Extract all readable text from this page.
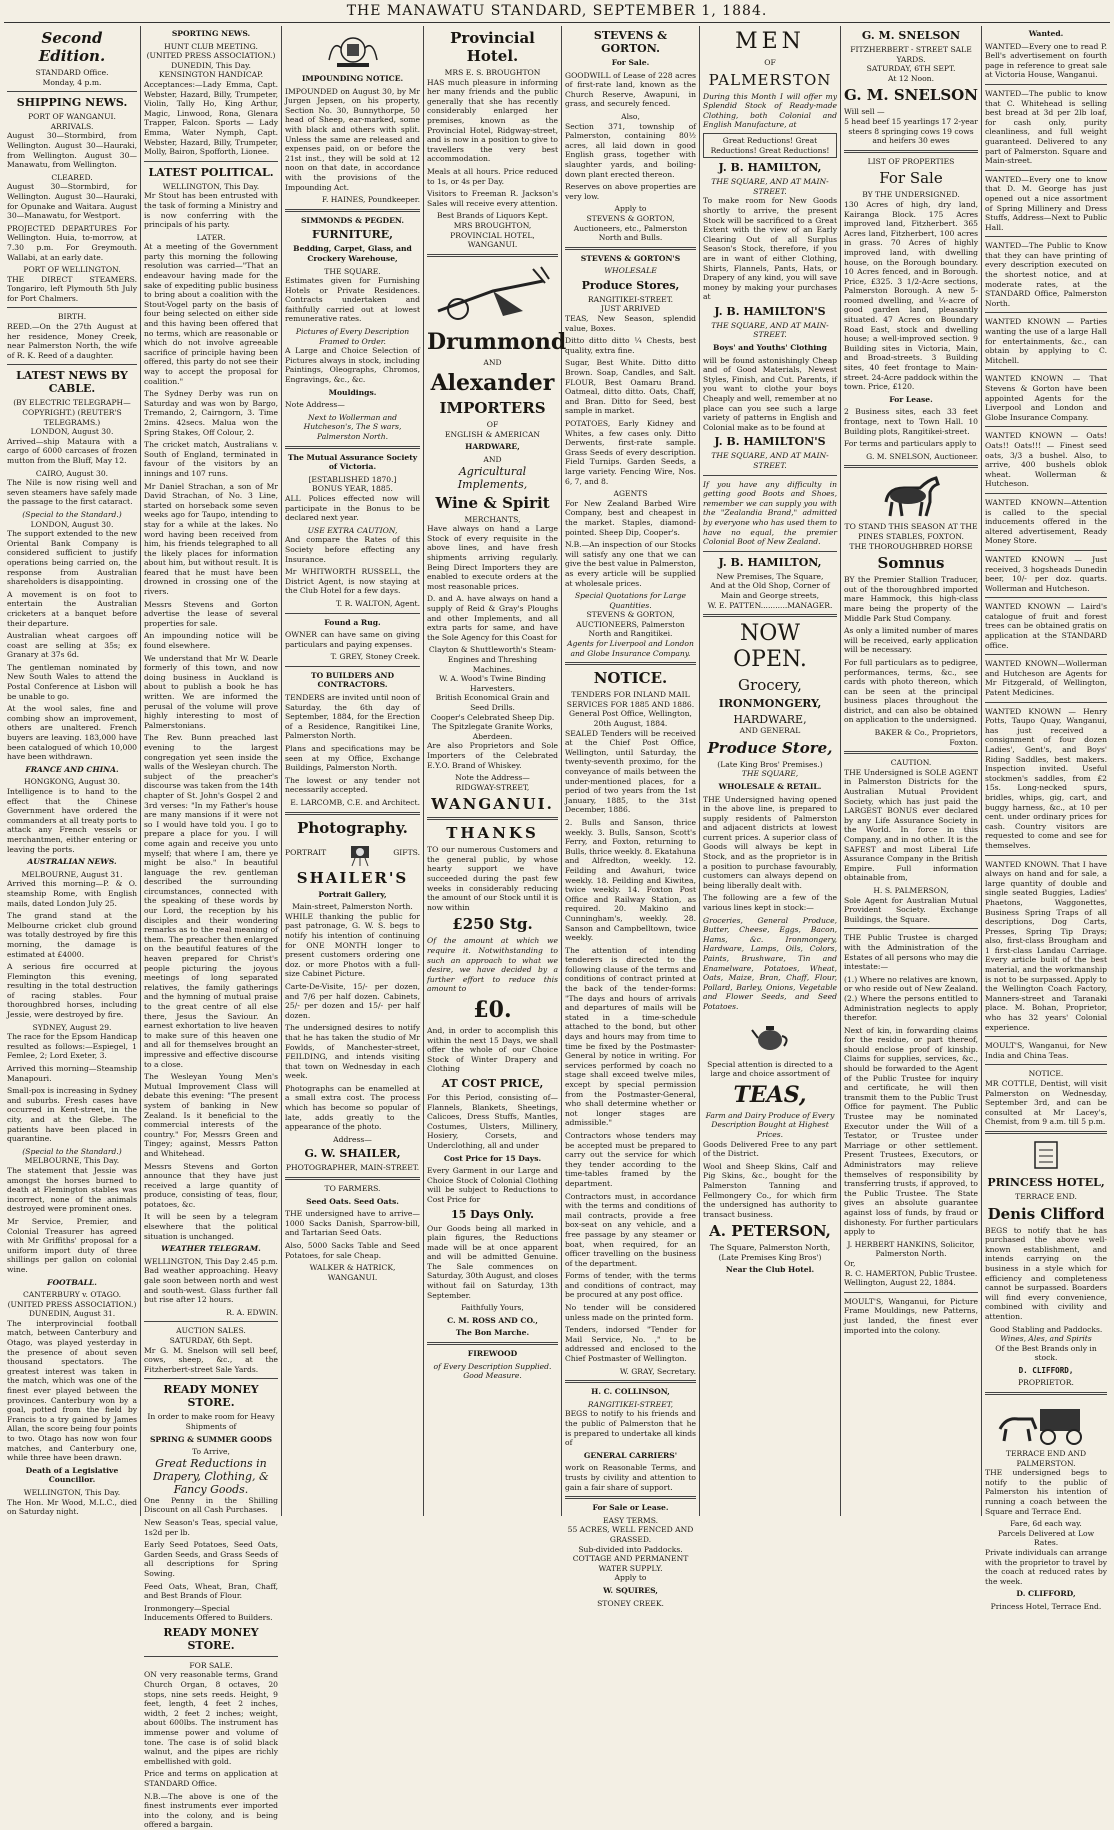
THE MANAWATU STANDARD, SEPTEMBER 1, 1884.
Second Edition.
STANDARD Office.
Monday, 4 p.m.
SHIPPING NEWS.
PORT OF WANGANUI.
ARRIVALS.

August 30—Stormbird, from Wellington. August 30—Hauraki, from Wellington. August 30—Manawatu, from Wellington.

CLEARED.

August 30—Stormbird, for Wellington. August 30—Hauraki, for Opunake and Waitara. August 30—Manawatu, for Westport.

PROJECTED DEPARTURES For Wellington. Huia, to-morrow, at 7.30 p.m. For Greymouth. Wallabi, at an early date.

PORT OF WELLINGTON.

THE DIRECT STEAMERS. Tongariro, left Plymouth 5th July for Port Chalmers.

BIRTH.

REED.—On the 27th August at her residence, Money Creek, near Palmerston North, the wife of R. K. Reed of a daughter.

LATEST NEWS BY CABLE.
(BY ELECTRIC TELEGRAPH—COPYRIGHT.) (REUTER'S TELEGRAMS.)
LONDON, August 30.

Arrived—ship Mataura with a cargo of 6000 carcases of frozen mutton from the Bluff, May 12.

CAIRO, August 30.

The Nile is now rising well and seven steamers have safely made the passage to the first cataract.

(Special to the Standard.)
LONDON, August 30.

The support extended to the new Oriental Bank Company is considered sufficient to justify operations being carried on, the response from Australian shareholders is disappointing.

A movement is on foot to entertain the Australian cricketers at a banquet before their departure.

Australian wheat cargoes off coast are selling at 35s; ex Granary at 37s 6d.

The gentleman nominated by New South Wales to attend the Postal Conference at Lisbon will be unable to go.

At the wool sales, fine and combing show an improvement, others are unaltered. French buyers are leaving. 183,000 have been catalogued of which 10,000 have been withdrawn.

FRANCE AND CHINA.
HONGKONG, August 30.

Intelligence is to hand to the effect that the Chinese Government have ordered the commanders at all treaty ports to attack any French vessels or merchantmen, either entering or leaving the ports.

AUSTRALIAN NEWS.
MELBOURNE, August 31.

Arrived this morning—P. & O. steamship Rome, with English mails, dated London July 25.

The grand stand at the Melbourne cricket club ground was totally destroyed by fire this morning, the damage is estimated at £4000.

A serious fire occurred at Flemington this evening, resulting in the total destruction of racing stables. Four thoroughbred horses, including Jessie, were destroyed by fire.

SYDNEY, August 29.

The race for the Epsom Handicap resulted as follows:—Espiegel, 1 Femlee, 2; Lord Exeter, 3.

Arrived this morning—Steamship Manapouri.

Small-pox is increasing in Sydney and suburbs. Fresh cases have occurred in Kent-street, in the city, and at the Glebe. The patients have been placed in quarantine.

(Special to the Standard.)
MELBOURNE, This Day.

The statement that Jessie was amongst the horses burned to death at Flemington stables was incorrect, none of the animals destroyed were prominent ones.

Mr Service, Premier, and Colonial Treasurer has agreed with Mr Griffiths' proposal for a uniform import duty of three shillings per gallon on colonial wine.

FOOTBALL.
CANTERBURY v. OTAGO.
(UNITED PRESS ASSOCIATION.)
DUNEDIN, August 31.

The interprovincial football match, between Canterbury and Otago, was played yesterday in the presence of about seven thousand spectators. The greatest interest was taken in the match, which was one of the finest ever played between the provinces. Canterbury won by a goal, potted from the field by Francis to a try gained by James Allan, the score being four points to two. Otago has now won four matches, and Canterbury one, while three have been drawn.

Death of a Legislative Councillor.
WELLINGTON, This Day.

The Hon. Mr Wood, M.L.C., died on Saturday night.

SPORTING NEWS.
HUNT CLUB MEETING.
(UNITED PRESS ASSOCIATION.)
DUNEDIN, This Day.
KENSINGTON HANDICAP.

Acceptances:—Lady Emma, Capt. Webster, Hazard, Billy, Trumpeter, Violin, Tally Ho, King Arthur, Magic, Linwood, Rona, Glenara Trapper, Falcon. Sports — Lady Emma, Water Nymph, Capt. Webster, Hazard, Billy, Trumpeter, Molly, Bairon, Spofforth, Lionee.

LATEST POLITICAL.
WELLINGTON, This Day.

Mr Stout has been entrusted with the task of forming a Ministry and is now conferring with the principals of his party.

LATER.

At a meeting of the Government party this morning the following resolution was carried—"That an endeavour having made for the sake of expediting public business to bring about a coalition with the Stout-Vogel party on the basis of four being selected on either side and this having been offered that no terms, which are reasonable or which do not involve agreeable sacrifice of principle having been offered, this party do not see their way to accept the proposal for coalition."

The Sydney Derby was run on Saturday and was won by Bargo, Tremando, 2, Cairngorn, 3. Time 2mins. 42secs. Malua won the Spring Stakes, Off Colour, 2.

The cricket match, Australians v. South of England, terminated in favour of the visitors by an innings and 107 runs.

Mr Daniel Strachan, a son of Mr David Strachan, of No. 3 Line, started on horseback some seven weeks ago for Taupo, intending to stay for a while at the lakes. No word having been received from him, his friends telegraphed to all the likely places for information about him, but without result. It is feared that he must have been drowned in crossing one of the rivers.

Messrs Stevens and Gorton advertise the lease of several properties for sale.

An impounding notice will be found elsewhere.

We understand that Mr W. Dearle formerly of this town, and now doing business in Auckland is about to publish a book he has written. We are informed the perusal of the volume will prove highly interesting to most of Palmerstonians.

The Rev. Bunn preached last evening to the largest congregation yet seen inside the walls of the Wesleyan church. The subject of the preacher's discourse was taken from the 14th chapter of St. John's Gospel 2 and 3rd verses: "In my Father's house are many mansions if it were not so I would have told you. I go to prepare a place for you. I will come again and receive you unto myself; that where I am, there ye might be also." In beautiful language the rev. gentleman described the surrounding circumstances, connected with the speaking of these words by our Lord, the reception by his disciples and their wondering remarks as to the real meaning of them. The preacher then enlarged on the beautiful features of the heaven prepared for Christ's people picturing the joyous meetings of long separated relatives, the family gatherings and the hymning of mutual praise to the great centre of all else there, Jesus the Saviour. An earnest exhortation to live heaven to make sure of this heaven one and all for themselves brought an impressive and effective discourse to a close.

The Wesleyan Young Men's Mutual Improvement Class will debate this evening: "The present system of banking in New Zealand. Is it beneficial to the commercial interests of the country." For, Messrs Green and Tingey; against, Messrs Patton and Whitehead.

Messrs Stevens and Gorton announce that they have just received a large quantity of produce, consisting of teas, flour, potatoes, &c.

It will be seen by a telegram elsewhere that the political situation is unchanged.

WEATHER TELEGRAM.
WELLINGTON, This Day 2.45 p.m.

Bad weather approaching. Heavy gale soon between north and west and south-west. Glass further fall but rise after 12 hours.

R. A. EDWIN.
AUCTION SALES.
SATURDAY, 6th Sept.

Mr G. M. Snelson will sell beef, cows, sheep, &c., at the Fitzherbert-street Sale Yards.

READY MONEY STORE.
In order to make room for Heavy Shipments of
SPRING & SUMMER GOODS
To Arrive,
Great Reductions in Drapery, Clothing, & Fancy Goods.

One Penny in the Shilling Discount on all Cash Purchases.

New Season's Teas, special value, 1s2d per lb.

Early Seed Potatoes, Seed Oats, Garden Seeds, and Grass Seeds of all descriptions for Spring Sowing.

Feed Oats, Wheat, Bran, Chaff, and Best Brands of Flour.

Ironmongery—Special Inducements Offered to Builders.

READY MONEY STORE.
FOR SALE.

ON very reasonable terms, Grand Church Organ, 8 octaves, 20 stops, nine sets reeds. Height, 9 feet, length, 4 feet 2 inches, width, 2 feet 2 inches; weight, about 600lbs. The instrument has immense power and volume of tone. The case is of solid black walnut, and the pipes are richly embellished with gold.

Price and terms on application at STANDARD Office.

N.B.—The above is one of the finest instruments ever imported into the colony, and is being offered a bargain.

IMPOUNDING NOTICE.

IMPOUNDED on August 30, by Mr Jurgen Jepsen, on his property, Section No. 30, Bunnythorpe, 50 head of Sheep, ear-marked, some with black and others with split. Unless the same are released and expenses paid, on or before the 21st inst., they will be sold at 12 noon on that date, in accordance with the provisions of the Impounding Act.

F. HAINES, Poundkeeper.
SIMMONDS & PEGDEN.
FURNITURE,
Bedding, Carpet, Glass, and Crockery Warehouse,
THE SQUARE.

Estimates given for Furnishing Hotels or Private Residences. Contracts undertaken and faithfully carried out at lowest remunerative rates.

Pictures of Every Description Framed to Order.

A Large and Choice Selection of Pictures always in stock, including Paintings, Oleographs, Chromos, Engravings, &c., &c.

Mouldings.

Note Address—

Next to Wollerman and Hutcheson's, The S wars, Palmerston North.
The Mutual Assurance Society of Victoria.
[ESTABLISHED 1870.]
BONUS YEAR, 1885.

ALL Polices effected now will participate in the Bonus to be declared next year.

USE EXTRA CAUTION,

And compare the Rates of this Society before effecting any Insurance.

Mr WHITWORTH RUSSELL, the District Agent, is now staying at the Club Hotel for a few days.

T. R. WALTON, Agent.
Found a Rug.

OWNER can have same on giving particulars and paying expenses.

T. GREY, Stoney Creek.
TO BUILDERS AND CONTRACTORS.

TENDERS are invited until noon of Saturday, the 6th day of September, 1884, for the Erection of a Residence, Rangitikei Line, Palmerston North.

Plans and specifications may be seen at my Office, Exchange Buildings, Palmerston North.

The lowest or any tender not necessarily accepted.

E. LARCOMB, C.E. and Architect.
Photography.
PORTRAIT	GIFTS.
SHAILER'S
Portrait Gallery,
Main-street, Palmerston North.

WHILE thanking the public for past patronage, G. W. S. begs to notify his intention of continuing for ONE MONTH longer to present customers ordering one doz. or more Photos with a full-size Cabinet Picture.

Carte-De-Visite, 15/- per dozen, and 7/6 per half dozen. Cabinets, 25/- per dozen and 15/- per half dozen.

The undersigned desires to notify that he has taken the studio of Mr Fowlds, of Manchester-street, FEILDING, and intends visiting that town on Wednesday in each week.

Photographs can be enamelled at a small extra cost. The process which has become so popular of late, adds greatly to the appearance of the photo.

Address—
G. W. SHAILER,
PHOTOGRAPHER, MAIN-STREET.
TO FARMERS.
Seed Oats. Seed Oats.

THE undersigned have to arrive—1000 Sacks Danish, Sparrow-bill, and Tartarian Seed Oats.

Also, 5000 Sacks Table and Seed Potatoes, for sale Cheap.

WALKER & HATRICK, WANGANUI.
Provincial Hotel.
MRS E. S. BROUGHTON

HAS much pleasure in informing her many friends and the public generally that she has recently considerably enlarged her premises, known as the Provincial Hotel, Ridgway-street, and is now in a position to give to travellers the very best accommodation.

Meals at all hours. Price reduced to 1s, or 4s per Day.

Visitors to Freeman R. Jackson's Sales will receive every attention.

Best Brands of Liquors Kept.
MRS BROUGHTON, PROVINCIAL HOTEL, WANGANUI.
Drummond
AND
Alexander
IMPORTERS
OF
ENGLISH & AMERICAN
HARDWARE,
AND
Agricultural Implements,
Wine & Spirit
MERCHANTS,

Have always on hand a Large Stock of every requisite in the above lines, and have fresh shipments arriving regularly. Being Direct Importers they are enabled to execute orders at the most reasonable prices.

D. and A. have always on hand a supply of Reid & Gray's Ploughs and other Implements, and all extra parts for same, and have the Sole Agency for this Coast for

Clayton & Shuttleworth's Steam-Engines and Threshing Machines.
W. A. Wood's Twine Binding Harvesters.
British Economical Grain and Seed Drills.
Cooper's Celebrated Sheep Dip.
The Spitzlegate Granite Works, Aberdeen.

Are also Proprietors and Sole Importers of the Celebrated E.Y.O. Brand of Whiskey.

Note the Address—
RIDGWAY-STREET,
WANGANUI.
THANKS

TO our numerous Customers and the general public, by whose hearty support we have succeeded during the past few weeks in considerably reducing the amount of our Stock until it is now within

£250 Stg.

Of the amount at which we require it. Notwithstanding to such an approach to what we desire, we have decided by a further effort to reduce this amount to

£0.

And, in order to accomplish this within the next 15 Days, we shall offer the whole of our Choice Stock of Winter Drapery and Clothing

AT COST PRICE,

For this Period, consisting of—Flannels, Blankets, Sheetings, Calicoes, Dress Stuffs, Mantles, Costumes, Ulsters, Millinery, Hosiery, Corsets, and Underclothing, all and under

Cost Price for 15 Days.

Every Garment in our Large and Choice Stock of Colonial Clothing will be subject to Reductions to Cost Price for

15 Days Only.

Our Goods being all marked in plain figures, the Reductions made will be at once apparent and will be admitted Genuine. The Sale commences on Saturday, 30th August, and closes without fail on Saturday, 13th September.

Faithfully Yours,
C. M. ROSS AND CO.,
The Bon Marche.
FIREWOOD
of Every Description Supplied.
Good Measure.
STEVENS & GORTON.
For Sale.

GOODWILL of Lease of 228 acres of first-rate land, known as the Church Reserve, Awapuni, in grass, and securely fenced.

Also,

Section 371, township of Palmerston, containing 80½ acres, all laid down in good English grass, together with slaughter yards, and boiling-down plant erected thereon.

Reserves on above properties are very low.

Apply to
STEVENS & GORTON, Auctioneers, etc., Palmerston North and Bulls.
STEVENS & GORTON'S
WHOLESALE
Produce Stores,
RANGITIKEI-STREET.
JUST ARRIVED

TEAS, New Season, splendid value, Boxes.

Ditto ditto ditto ¼ Chests, best quality, extra fine.

Sugar, Best White. Ditto ditto Brown. Soap, Candles, and Salt. FLOUR, Best Oamaru Brand. Oatmeal, ditto ditto. Oats, Chaff, and Bran. Ditto for Seed, best sample in market.

POTATOES, Early Kidney and Whites, a few cases only. Ditto Derwents, first-rate sample. Grass Seeds of every description. Field Turnips. Garden Seeds, a large variety. Fencing Wire, Nos. 6, 7, and 8.

AGENTS

For New Zealand Barbed Wire Company, best and cheapest in the market. Staples, diamond-pointed. Sheep Dip, Cooper's.

N.B.—An inspection of our Stocks will satisfy any one that we can give the best value in Palmerston, as every article will be supplied at wholesale prices.

Special Quotations for Large Quantities.
STEVENS & GORTON, AUCTIONEERS, Palmerston North and Rangitikei.
Agents for Liverpool and London and Globe Insurance Company.
NOTICE.
TENDERS FOR INLAND MAIL SERVICES FOR 1885 AND 1886.
General Post Office, Wellington, 20th August, 1884.

SEALED Tenders will be received at the Chief Post Office, Wellington, until Saturday, the twenty-seventh proximo, for the conveyance of mails between the under-mentioned places, for a period of two years from the 1st January, 1885, to the 31st December, 1886.

2. Bulls and Sanson, thrice weekly. 3. Bulls, Sanson, Scott's Ferry, and Foxton, returning to Bulls, thrice weekly. 8. Ekatahuna and Alfredton, weekly. 12. Feilding and Awahuri, twice weekly. 18. Feilding and Kiwitea, twice weekly. 14. Foxton Post Office and Railway Station, as required. 20. Makino and Cunningham's, weekly. 28. Sanson and Campbelltown, twice weekly.

The attention of intending tenderers is directed to the following clause of the terms and conditions of contract printed at the back of the tender-forms: "The days and hours of arrivals and departures of mails will be stated in a time-schedule attached to the bond, but other days and hours may from time to time be fixed by the Postmaster-General by notice in writing. For services performed by coach no stage shall exceed twelve miles, except by special permission from the Postmaster-General, who shall determine whether or not longer stages are admissible."

Contractors whose tenders may be accepted must be prepared to carry out the service for which they tender according to the time-tables framed by the department.

Contractors must, in accordance with the terms and conditions of mail contracts, provide a free box-seat on any vehicle, and a free passage by any steamer or boat, when required, for an officer travelling on the business of the department.

Forms of tender, with the terms and conditions of contract, may be procured at any post office.

No tender will be considered unless made on the printed form.

Tenders, indorsed "Tender for Mail Service, No. ," to be addressed and enclosed to the Chief Postmaster of Wellington.

W. GRAY, Secretary.
H. C. COLLINSON,
RANGITIKEI-STREET,

BEGS to notify to his friends and the public of Palmerston that he is prepared to undertake all kinds of

GENERAL CARRIERS'

work on Reasonable Terms, and trusts by civility and attention to gain a fair share of support.

For Sale or Lease.
EASY TERMS.
55 ACRES, WELL FENCED AND GRASSED.
Sub-divided into Paddocks.
COTTAGE AND PERMANENT WATER SUPPLY.
Apply to
W. SQUIRES,
STONEY CREEK.
MEN
OF
PALMERSTON

During this Month I will offer my Splendid Stock of Ready-made Clothing, both Colonial and English Manufacture, at

Great Reductions! Great Reductions! Great Reductions!
J. B. HAMILTON,
THE SQUARE, AND AT MAIN-STREET.

To make room for New Goods shortly to arrive, the present Stock will be sacrificed to a Great Extent with the view of an Early Clearing Out of all Surplus Season's Stock, therefore, if you are in want of either Clothing, Shirts, Flannels, Pants, Hats, or Drapery of any kind, you will save money by making your purchases at

J. B. HAMILTON'S
THE SQUARE, AND AT MAIN-STREET.
Boys' and Youths' Clothing

will be found astonishingly Cheap and of Good Materials, Newest Styles, Finish, and Cut. Parents, if you want to clothe your boys Cheaply and well, remember at no place can you see such a large variety of patterns in English and Colonial make as to be found at

J. B. HAMILTON'S
THE SQUARE, AND AT MAIN-STREET.

If you have any difficulty in getting good Boots and Shoes, remember we can supply you with the "Zealandia Brand," admitted by everyone who has used them to have no equal, the premier Colonial Boot of New Zealand.

J. B. HAMILTON,
New Premises, The Square,
And at the Old Shop, Corner of Main and George streets,
W. E. PATTEN...........MANAGER.
NOW OPEN.
Grocery,
IRONMONGERY,
HARDWARE,
AND GENERAL
Produce Store,
(Late King Bros' Premises.)
THE SQUARE,
WHOLESALE & RETAIL.

THE Undersigned having opened in the above line, is prepared to supply residents of Palmerston and adjacent districts at lowest current prices. A superior class of Goods will always be kept in Stock, and as the proprietor is in a position to purchase favourably, customers can always depend on being liberally dealt with.

The following are a few of the various lines kept in stock:—

Groceries, General Produce, Butter, Cheese, Eggs, Bacon, Hams, &c. Ironmongery, Hardware, Lamps, Oils, Colors, Paints, Brushware, Tin and Enamelware, Potatoes, Wheat, Oats, Maize, Bran, Chaff, Flour, Pollard, Barley, Onions, Vegetable and Flower Seeds, and Seed Potatoes.

Special attention is directed to a large and choice assortment of
TEAS,
Farm and Dairy Produce of Every Description Bought at Highest Prices.

Goods Delivered Free to any part of the District.

Wool and Sheep Skins, Calf and Pig Skins, &c., bought for the Palmerston Tanning and Fellmongery Co., for which firm the undersigned has authority to transact business.

A. PETERSON,
The Square, Palmerston North, (Late Premises King Bros')
Near the Club Hotel.
G. M. SNELSON
FITZHERBERT - STREET SALE YARDS.
SATURDAY, 6TH SEPT.
At 12 Noon.
G. M. SNELSON
Will sell —

5 head beef 15 yearlings 17 2-year steers 8 springing cows 19 cows and heifers 30 ewes

LIST OF PROPERTIES
For Sale
BY THE UNDERSIGNED.

130 Acres of high, dry land, Kairanga Block. 175 Acres improved land, Fitzherbert. 365 Acres land, Fitzherbert, 100 acres in grass. 70 Acres of highly improved land, with dwelling house, on the Borough boundary. 10 Acres fenced, and in Borough. Price, £325. 3 1/2-Acre sections, Palmerston Borough. A new 5-roomed dwelling, and ¼-acre of good garden land, pleasantly situated. 47 Acres on Boundary Road East, stock and dwelling house; a well-improved section. 9 Building sites in Victoria, Main, and Broad-streets. 3 Building sites, 40 feet frontage to Main-street. 24-Acre paddock within the town. Price, £120.

For Lease.

2 Business sites, each 33 feet frontage, next to Town Hall. 10 Building plots, Rangitikei-street.

For terms and particulars apply to

G. M. SNELSON, Auctioneer.
TO STAND THIS SEASON AT THE PINES STABLES, FOXTON.
THE THOROUGHBRED HORSE
Somnus

BY the Premier Stallion Traducer, out of the thoroughbred imported mare Hammock, this high-class mare being the property of the Middle Park Stud Company.

As only a limited number of mares will be received, early application will be necessary.

For full particulars as to pedigree, performances, terms, &c., see cards with photo thereon, which can be seen at the principal business places throughout the district, and can also be obtained on application to the undersigned.

BAKER & Co., Proprietors, Foxton.
CAUTION.

THE Undersigned is SOLE AGENT in Palmerston Districts for the Australian Mutual Provident Society, which has just paid the LARGEST BONUS ever declared by any Life Assurance Society in the World. In force in this Company, and in no other. It is the SAFEST and most Liberal Life Assurance Company in the British Empire. Full information obtainable from,

H. S. PALMERSON,

Sole Agent for Australian Mutual Provident Society. Exchange Buildings, the Square.

THE Public Trustee is charged with the Administration of the Estates of all persons who may die intestate:—

(1.) Where no relatives are known, or who reside out of New Zealand. (2.) Where the persons entitled to Administration neglects to apply therefor.

Next of kin, in forwarding claims for the residue, or part thereof, should enclose proof of kinship. Claims for supplies, services, &c., should be forwarded to the Agent of the Public Trustee for inquiry and certificate, he will then transmit them to the Public Trust Office for payment. The Public Trustee may be nominated Executor under the Will of a Testator, or Trustee under Marriage or other settlement. Present Trustees, Executors, or Administrators may relieve themselves of responsibility by transferring trusts, if approved, to the Public Trustee. The State gives an absolute guarantee against loss of funds, by fraud or dishonesty. For further particulars apply to

J. HERBERT HANKINS, Solicitor, Palmerston North.
Or,
R. C. HAMERTON, Public Trustee.
Wellington, August 22, 1884.

MOULT'S, Wanganui, for Picture Frame Mouldings, new Patterns, just landed, the finest ever imported into the colony.

Wanted.

WANTED—Every one to read P. Bell's advertisement on fourth page in reference to great sale at Victoria House, Wanganui.

WANTED—The public to know that C. Whitehead is selling best bread at 3d per 2lb loaf, for cash only, purity cleanliness, and full weight guaranteed. Delivered to any part of Palmerston. Square and Main-street.

WANTED—Every one to know that D. M. George has just opened out a nice assortment of Spring Millinery and Dress Stuffs, Address—Next to Public Hall.

WANTED—The Public to Know that they can have printing of every description executed on the shortest notice, and at moderate rates, at the STANDARD Office, Palmerston North.

WANTED KNOWN — Parties wanting the use of a large Hall for entertainments, &c., can obtain by applying to C. Mitchell.

WANTED KNOWN — That Stevens & Gorton have been appointed Agents for the Liverpool and London and Globe Insurance Company.

WANTED KNOWN — Oats! Oats!! Oats!!! — Finest seed oats, 3/3 a bushel. Also, to arrive, 400 bushels oblok wheat. Wollerman & Hutcheson.

WANTED KNOWN—Attention is called to the special inducements offered in the altered advertisement, Ready Money Store.

WANTED KNOWN — Just received, 3 hogsheads Dunedin beer, 10/- per doz. quarts. Wollerman and Hutcheson.

WANTED KNOWN — Laird's catalogue of fruit and forest trees can be obtained gratis on application at the STANDARD office.

WANTED KNOWN—Wollerman and Hutcheson are Agents for Mr Fitzgerald, of Wellington, Patent Medicines.

WANTED KNOWN — Henry Potts, Taupo Quay, Wanganui, has just received a consignment of four dozen Ladies', Gent's, and Boys' Riding Saddles, best makers. Inspection invited. Useful stockmen's saddles, from £2 15s. Long-necked spurs, bridles, whips, gig, cart, and buggy harness, &c., at 10 per cent. under ordinary prices for cash. Country visitors are requested to come and see for themselves.

WANTED KNOWN. That I have always on hand and for sale, a large quantity of double and single seated Buggies, Ladies' Phaetons, Waggonettes, Business Spring Traps of all descriptions, Dog Carts, Presses, Spring Tip Drays; also, first-class Brougham and 1 first-class Landau Carriage. Every article built of the best material, and the workmanship is not to be surpassed. Apply to the Wellington Coach Factory, Manners-street and Taranaki place. M. Bohan, Proprietor, who has 32 years' Colonial experience.

MOULT'S, Wanganui, for New India and China Teas.

NOTICE.

MR COTTLE, Dentist, will visit Palmerston on Wednesday, September 3rd, and can be consulted at Mr Lacey's, Chemist, from 9 a.m. till 5 p.m.

PRINCESS HOTEL,
TERRACE END.
Denis Clifford

BEGS to notify that he has purchased the above well-known establishment, and intends carrying on the business in a style which for efficiency and completeness cannot be surpassed. Boarders will find every convenience, combined with civility and attention.

Good Stabling and Paddocks.
Wines, Ales, and Spirits
Of the Best Brands only in stock.
D. CLIFFORD,
PROPRIETOR.
TERRACE END AND PALMERSTON.

THE undersigned begs to notify to the public of Palmerston his intention of running a coach between the Square and Terrace End.

Fare, 6d each way.
Parcels Delivered at Low Rates.

Private individuals can arrange with the proprietor to travel by the coach at reduced rates by the week.

D. CLIFFORD,
Princess Hotel, Terrace End.
